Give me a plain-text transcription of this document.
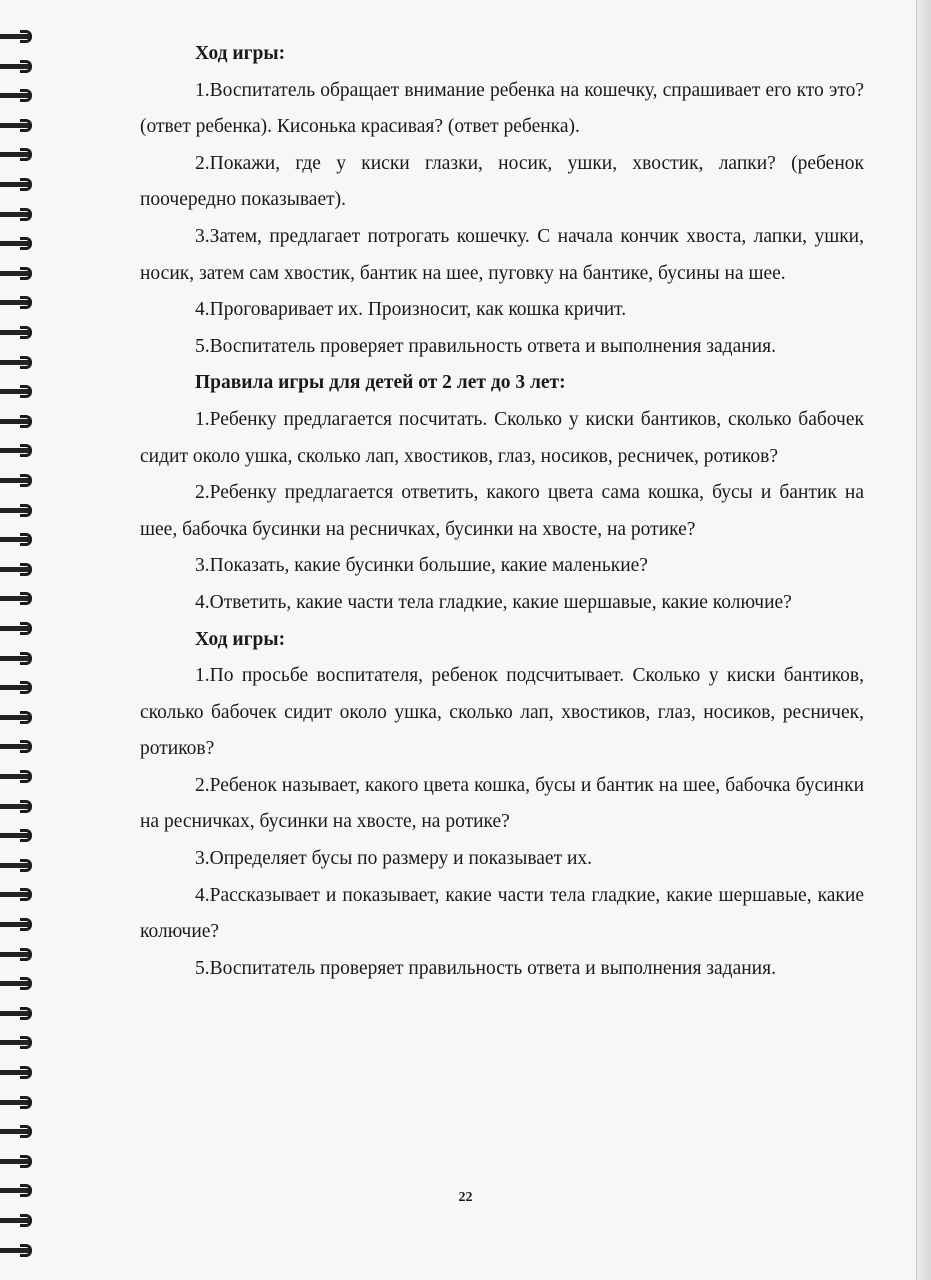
Ход игры:

1.Воспитатель обращает внимание ребенка на кошечку, спрашивает его кто это? (ответ ребенка). Кисонька красивая? (ответ ребенка).

2.Покажи, где у киски глазки, носик, ушки, хвостик, лапки? (ребенок поочередно показывает).

3.Затем, предлагает потрогать кошечку. С начала кончик хвоста, лапки, ушки, носик, затем сам хвостик, бантик на шее, пуговку на бантике, бусины на шее.

4.Проговаривает их. Произносит, как кошка кричит.

5.Воспитатель проверяет правильность ответа и выполнения задания.

Правила игры для детей от 2 лет до 3 лет:

1.Ребенку предлагается посчитать. Сколько у киски бантиков, сколько бабочек сидит около ушка, сколько лап, хвостиков, глаз, носиков, ресничек, ротиков?

2.Ребенку предлагается ответить, какого цвета сама кошка, бусы и бантик на шее, бабочка бусинки на ресничках, бусинки на хвосте, на ротике?

3.Показать, какие бусинки большие, какие маленькие?

4.Ответить, какие части тела гладкие, какие шершавые, какие колючие?

Ход игры:

1.По просьбе воспитателя, ребенок подсчитывает. Сколько у киски бантиков, сколько бабочек сидит около ушка, сколько лап, хвостиков, глаз, носиков, ресничек, ротиков?

2.Ребенок называет, какого цвета кошка, бусы и бантик на шее, бабочка бусинки на ресничках, бусинки на хвосте, на ротике?

3.Определяет бусы по размеру и показывает их.

4.Рассказывает и показывает, какие части тела гладкие, какие шершавые, какие колючие?

5.Воспитатель проверяет правильность ответа и выполнения задания.

22
